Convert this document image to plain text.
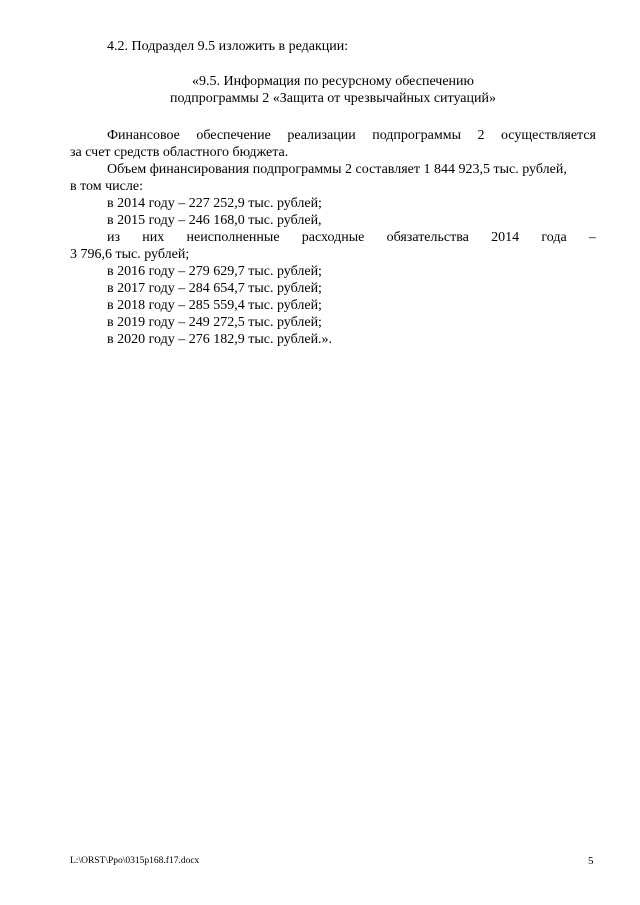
4.2. Подраздел 9.5 изложить в редакции:

«9.5. Информация по ресурсному обеспечению
подпрограммы 2 «Защита от чрезвычайных ситуаций»

Финансовое обеспечение реализации подпрограммы 2 осуществляется
за счет средств областного бюджета.
Объем финансирования подпрограммы 2 составляет 1 844 923,5 тыс. рублей,
в том числе:
в 2014 году – 227 252,9 тыс. рублей;
в 2015 году – 246 168,0 тыс. рублей,
из них неисполненные расходные обязательства 2014 года –
3 796,6 тыс. рублей;
в 2016 году – 279 629,7 тыс. рублей;
в 2017 году – 284 654,7 тыс. рублей;
в 2018 году – 285 559,4 тыс. рублей;
в 2019 году – 249 272,5 тыс. рублей;
в 2020 году – 276 182,9 тыс. рублей.».
L:\ORST\Ppo\0315p168.f17.docx	5
